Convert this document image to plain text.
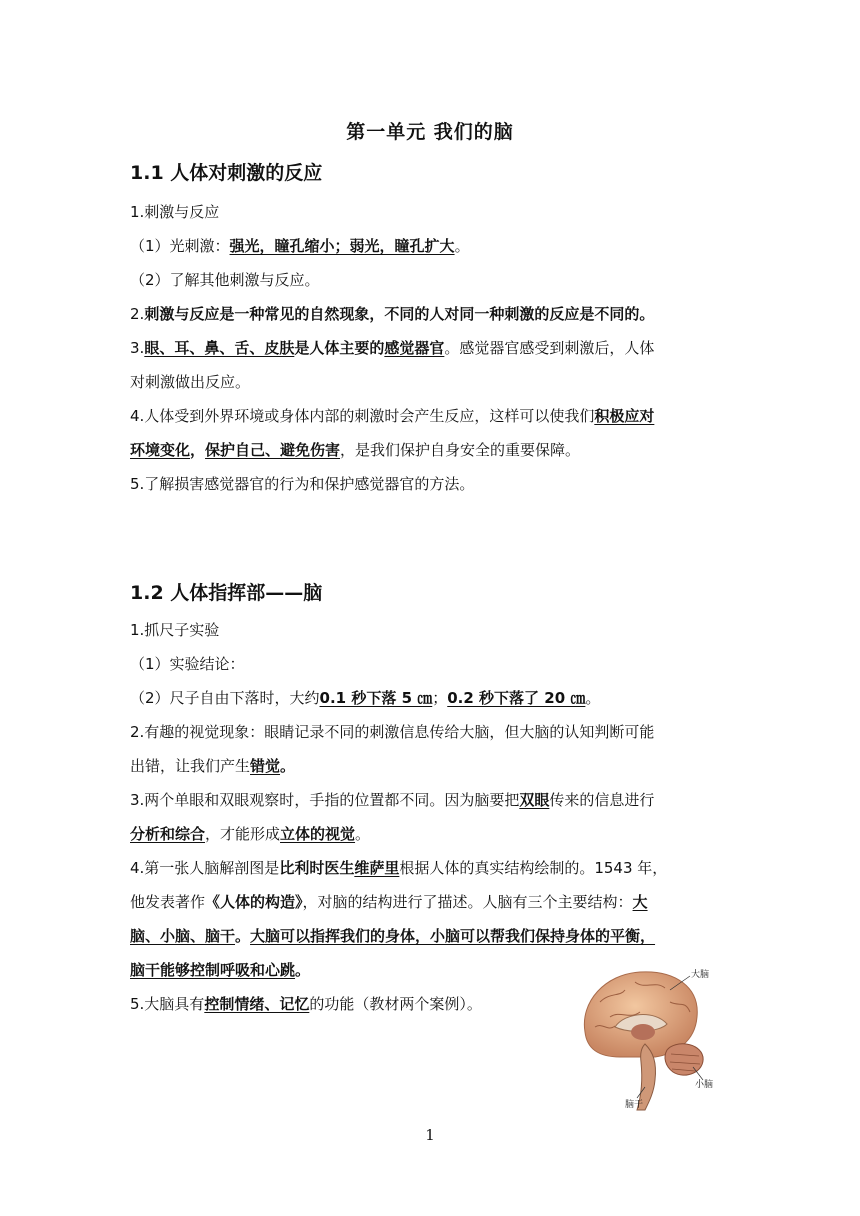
第一单元 我们的脑
1.1 人体对刺激的反应
1.刺激与反应
（1）光刺激：强光，瞳孔缩小；弱光，瞳孔扩大。
（2）了解其他刺激与反应。
2.刺激与反应是一种常见的自然现象，不同的人对同一种刺激的反应是不同的。
3.眼、耳、鼻、舌、皮肤是人体主要的感觉器官。感觉器官感受到刺激后，人体
对刺激做出反应。
4.人体受到外界环境或身体内部的刺激时会产生反应，这样可以使我们积极应对
环境变化，保护自己、避免伤害，是我们保护自身安全的重要保障。
5.了解损害感觉器官的行为和保护感觉器官的方法。
1.2 人体指挥部——脑
1.抓尺子实验
（1）实验结论：
（2）尺子自由下落时，大约0.1 秒下落 5 ㎝；0.2 秒下落了 20 ㎝。
2.有趣的视觉现象：眼睛记录不同的刺激信息传给大脑，但大脑的认知判断可能
出错，让我们产生错觉。
3.两个单眼和双眼观察时，手指的位置都不同。因为脑要把双眼传来的信息进行
分析和综合，才能形成立体的视觉。
4.第一张人脑解剖图是比利时医生维萨里根据人体的真实结构绘制的。1543 年，
他发表著作《人体的构造》，对脑的结构进行了描述。人脑有三个主要结构：大
脑、小脑、脑干。大脑可以指挥我们的身体，小脑可以帮我们保持身体的平衡，
脑干能够控制呼吸和心跳。
5.大脑具有控制情绪、记忆的功能（教材两个案例）。
大脑
小脑
脑干
1
